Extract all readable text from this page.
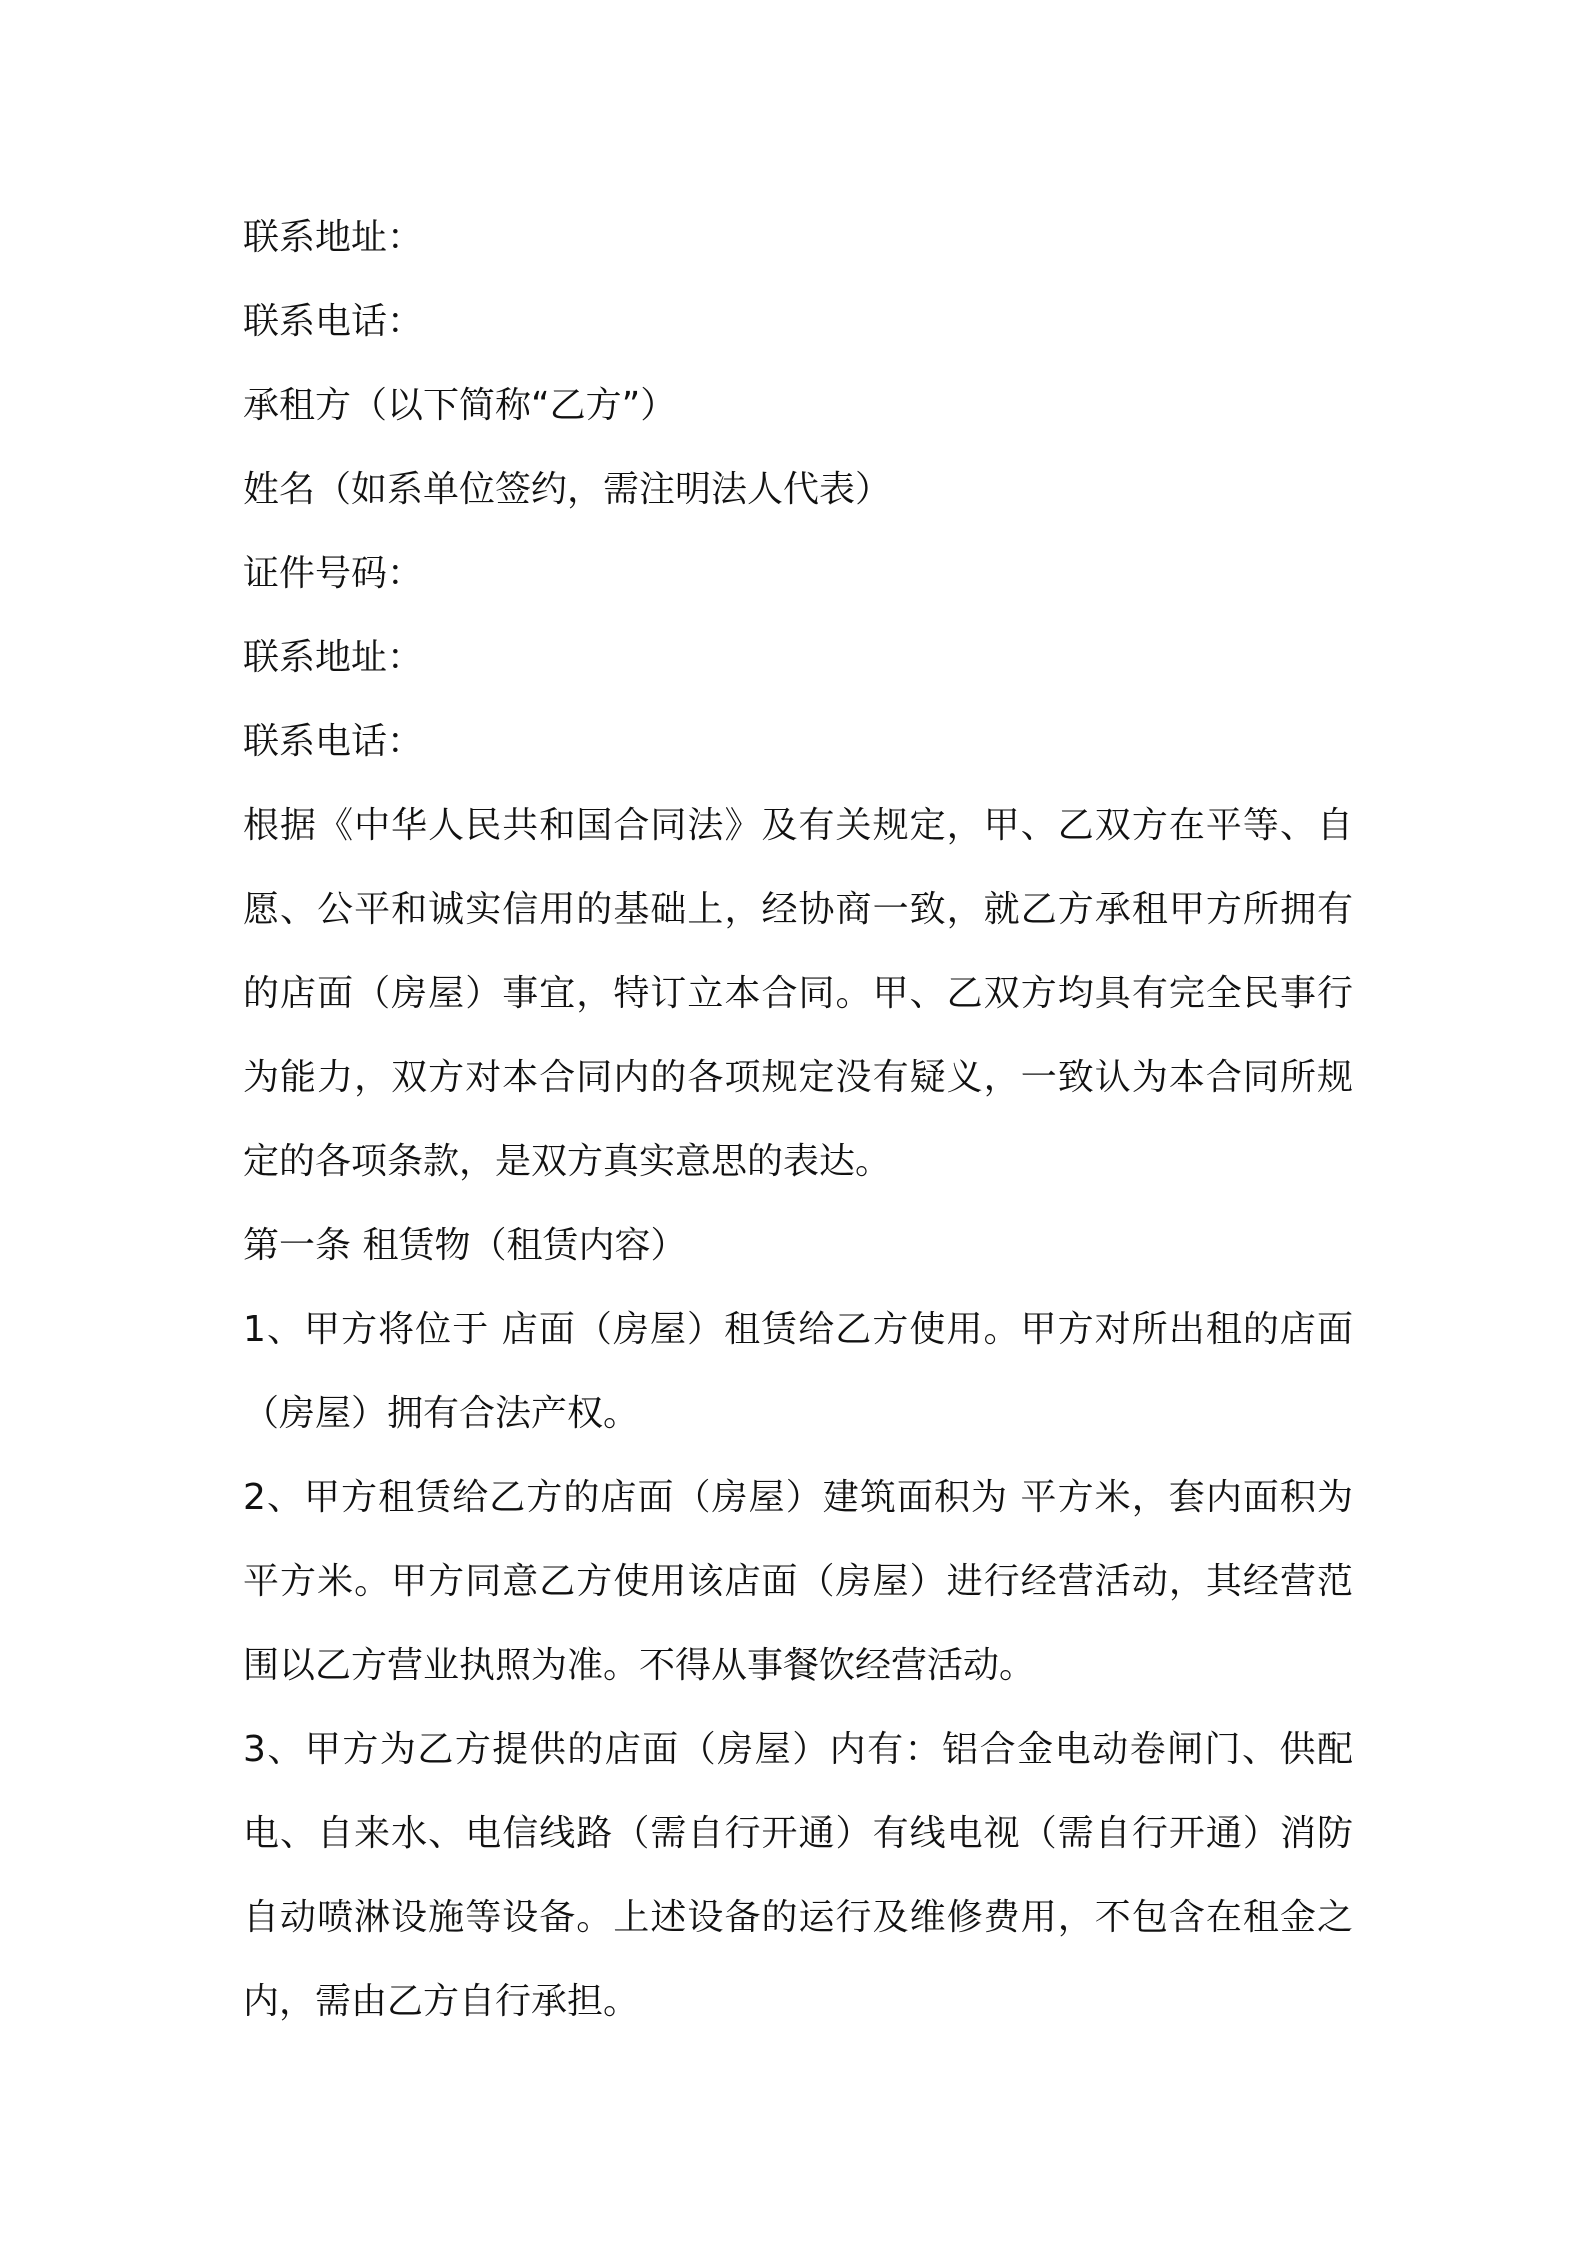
联系地址：
联系电话：
承租方（以下简称“乙方”）
姓名（如系单位签约，需注明法人代表）
证件号码：
联系地址：
联系电话：

根据《中华人民共和国合同法》及有关规定，甲、乙双方在平等、自愿、公平和诚实信用的基础上，经协商一致，就乙方承租甲方所拥有的店面（房屋）事宜，特订立本合同。甲、乙双方均具有完全民事行为能力，双方对本合同内的各项规定没有疑义，一致认为本合同所规定的各项条款，是双方真实意思的表达。

第一条 租赁物（租赁内容）

1、甲方将位于 店面（房屋）租赁给乙方使用。甲方对所出租的店面（房屋）拥有合法产权。

2、甲方租赁给乙方的店面（房屋）建筑面积为 平方米，套内面积为 平方米。甲方同意乙方使用该店面（房屋）进行经营活动，其经营范围以乙方营业执照为准。不得从事餐饮经营活动。

3、甲方为乙方提供的店面（房屋）内有：铝合金电动卷闸门、供配电、自来水、电信线路（需自行开通）有线电视（需自行开通）消防自动喷淋设施等设备。上述设备的运行及维修费用，不包含在租金之内，需由乙方自行承担。
